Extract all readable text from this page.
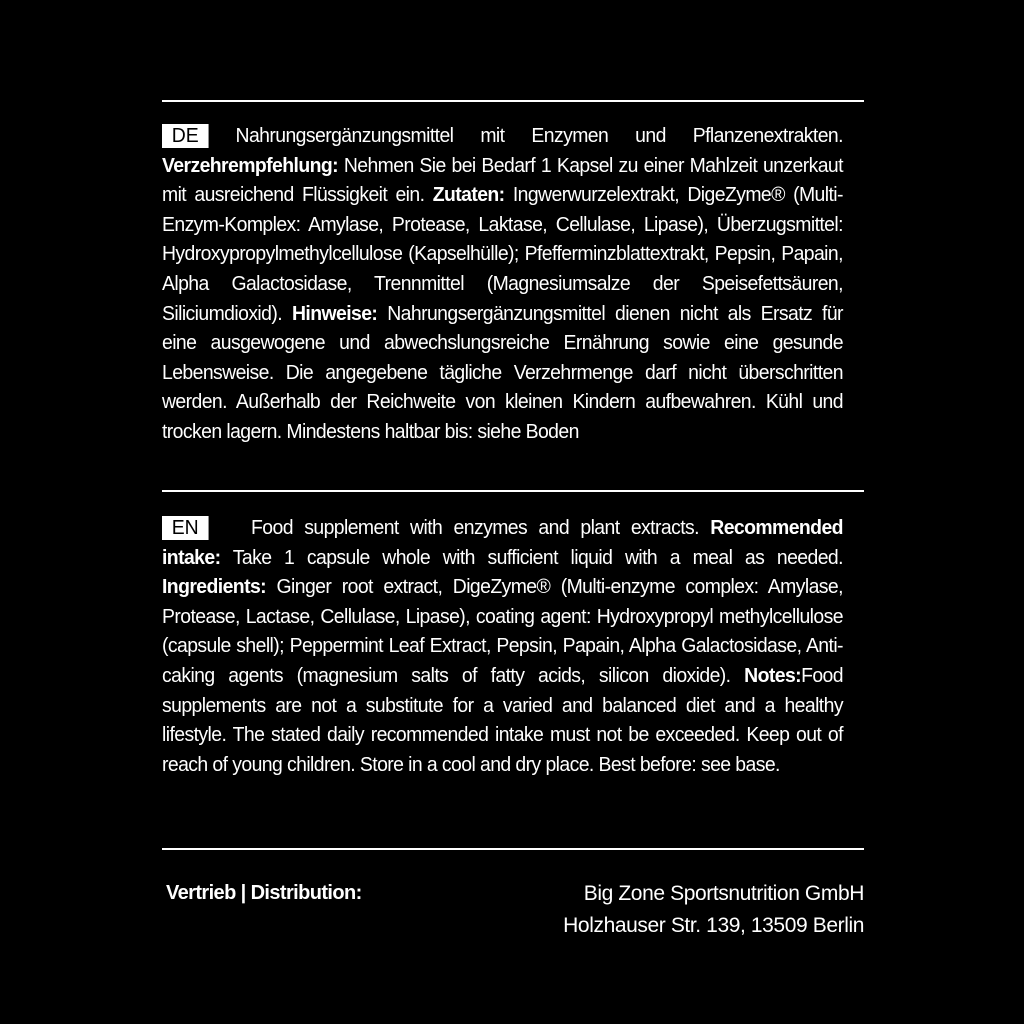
DE Nahrungsergänzungsmittel mit Enzymen und Pflanzenextrakten. Verzehrempfehlung: Nehmen Sie bei Bedarf 1 Kapsel zu einer Mahlzeit unzerkaut mit ausreichend Flüssigkeit ein. Zutaten: Ingwerwurzelextrakt, DigeZyme® (Multi-Enzym-Komplex: Amylase, Protease, Laktase, Cellulase, Lipase), Überzugsmittel: Hydroxypropylmethylcellulose (Kapselhülle); Pfefferminzblattextrakt, Pepsin, Papain, Alpha Galactosidase, Trennmittel (Magnesiumsalze der Speisefettsäuren, Siliciumdioxid). Hinweise: Nahrungsergänzungsmittel dienen nicht als Ersatz für eine ausgewogene und abwechslungsreiche Ernährung sowie eine gesunde Lebensweise. Die angegebene tägliche Verzehrmenge darf nicht überschritten werden. Außerhalb der Reichweite von kleinen Kindern aufbewahren. Kühl und trocken lagern. Mindestens haltbar bis: siehe Boden
EN	Food supplement with enzymes and plant extracts. Recommended intake: Take 1 capsule whole with sufficient liquid with a meal as needed. Ingredients: Ginger root extract, DigeZyme® (Multi-enzyme complex: Amylase, Protease, Lactase, Cellulase, Lipase), coating agent: Hydroxypropyl methylcellulose (capsule shell); Peppermint Leaf Extract, Pepsin, Papain, Alpha Galactosidase, Anti-caking agents (magnesium salts of fatty acids, silicon dioxide). Notes:Food supplements are not a substitute for a varied and balanced diet and a healthy lifestyle. The stated daily recommended intake must not be exceeded. Keep out of reach of young children. Store in a cool and dry place. Best before: see base.
Vertrieb | Distribution:	Big Zone Sportsnutrition GmbH
Holzhauser Str. 139, 13509 Berlin
